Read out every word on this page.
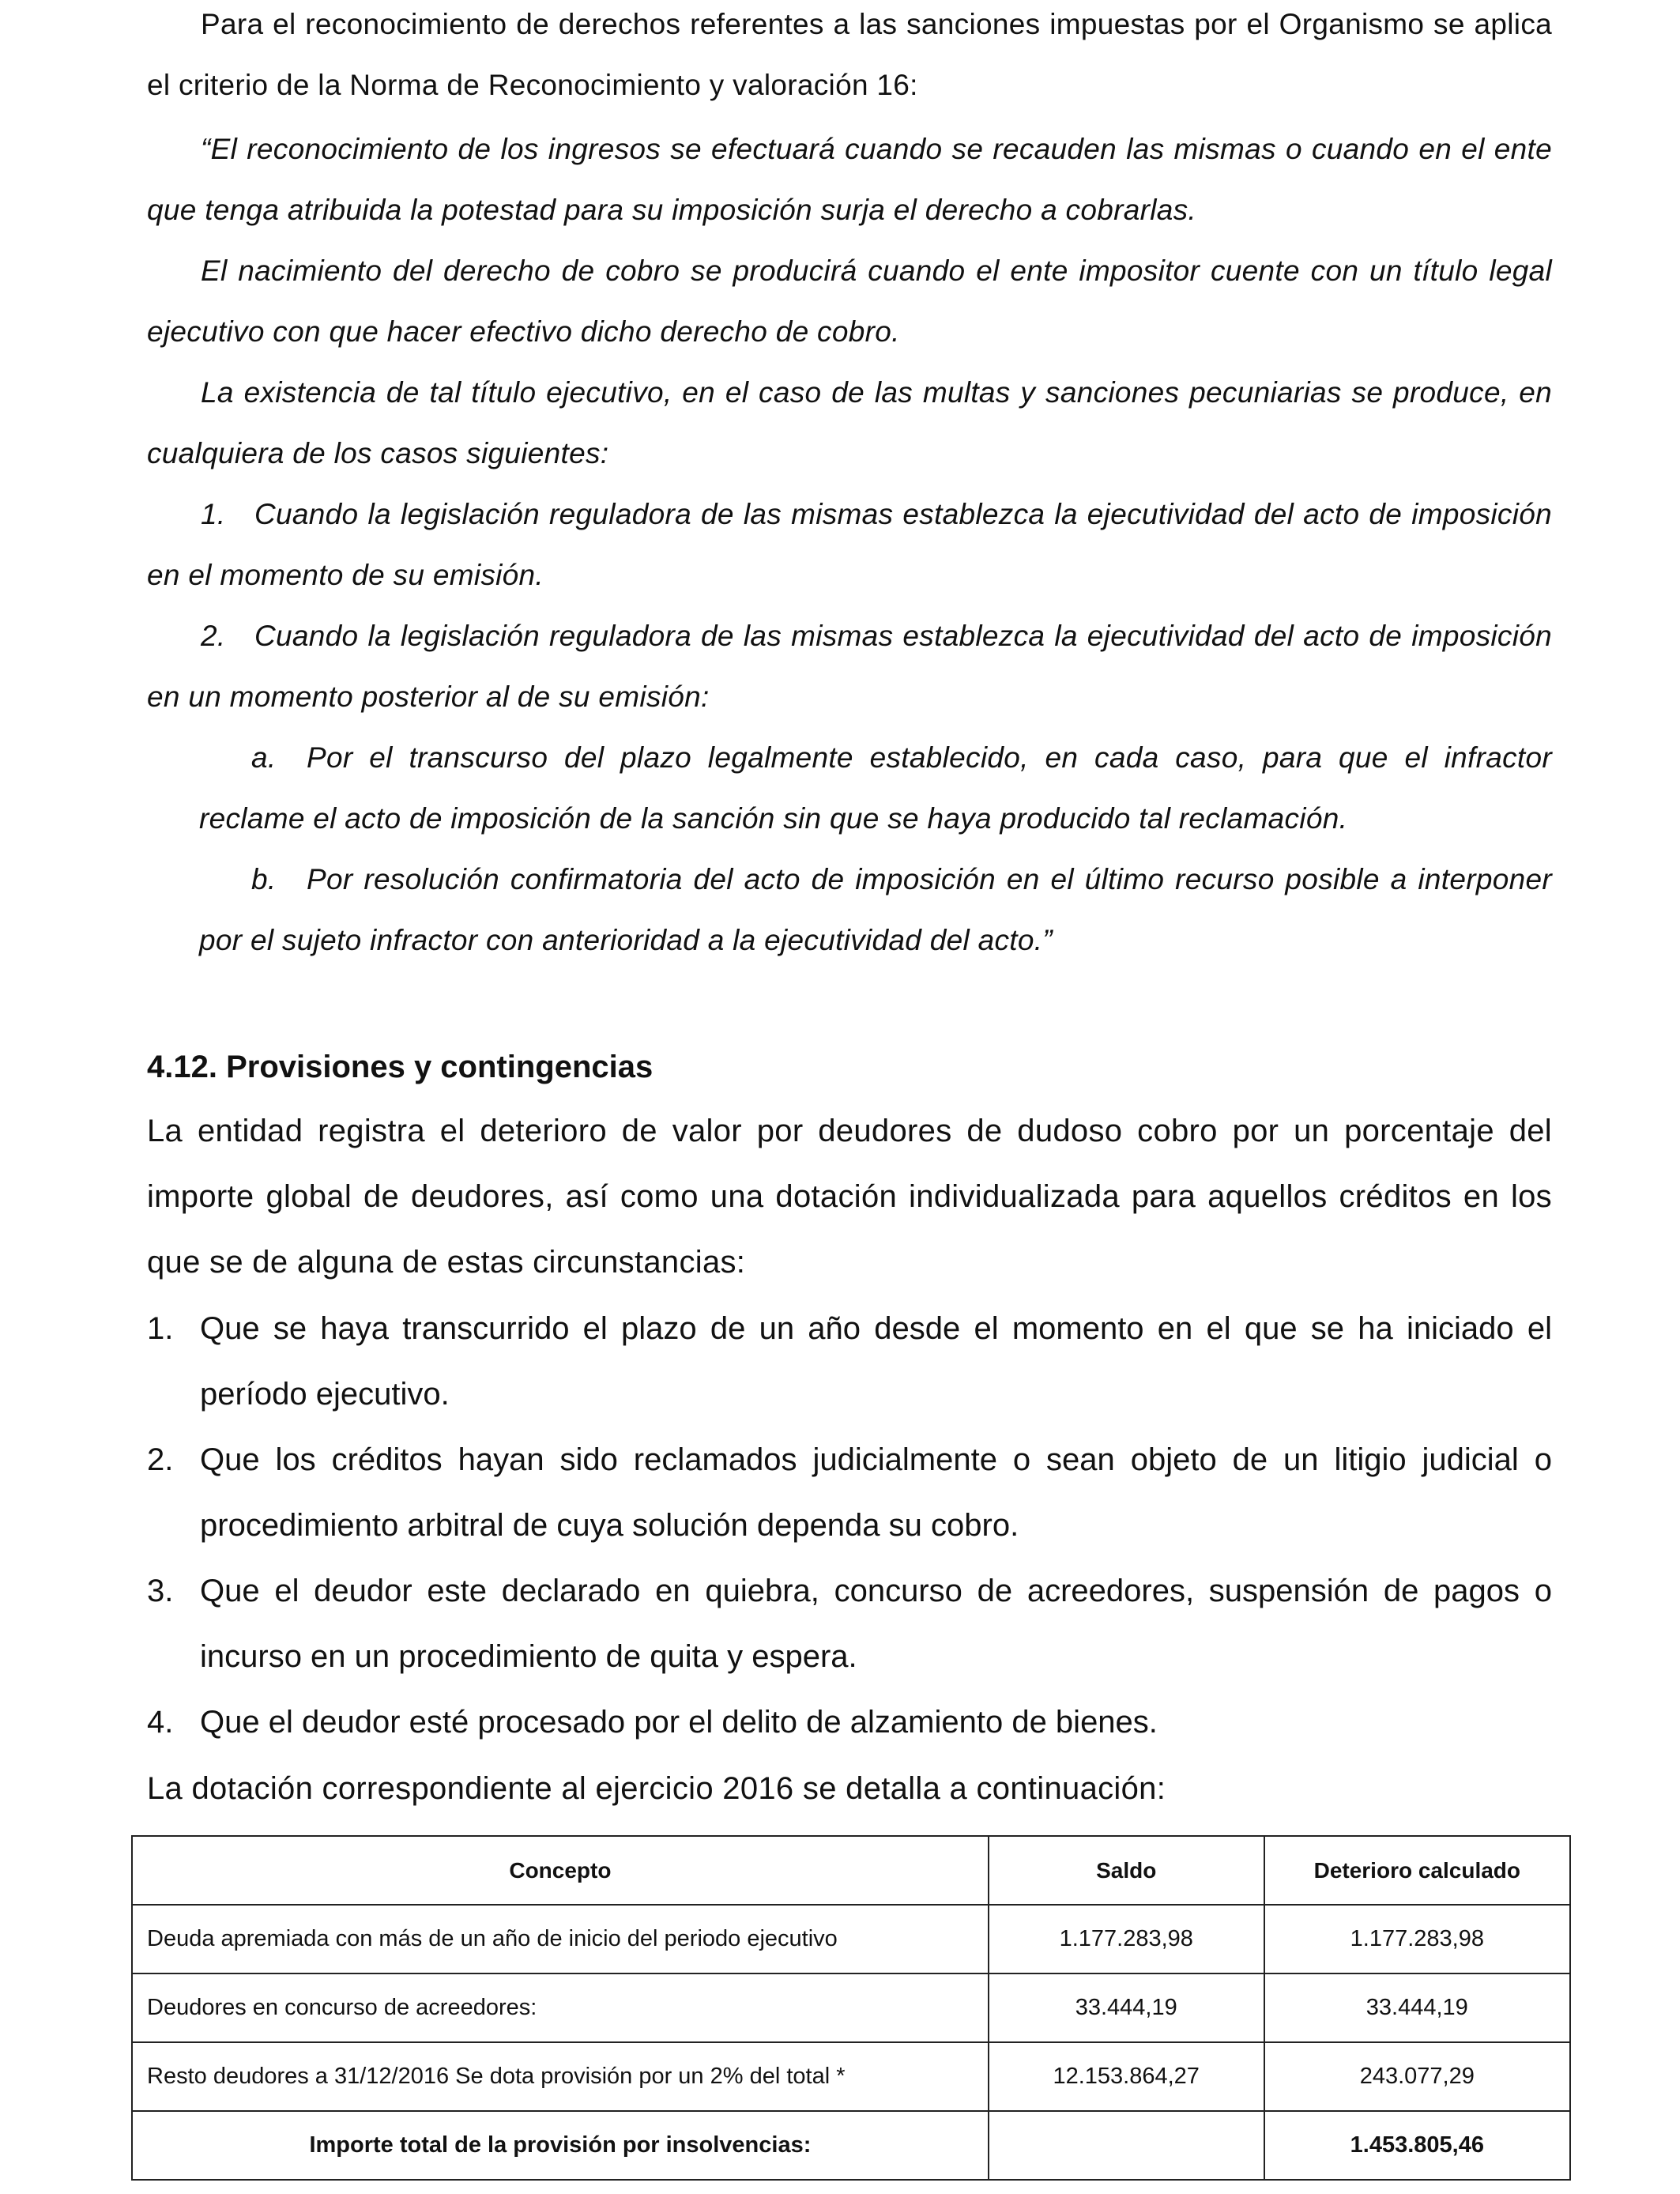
Para el reconocimiento de derechos referentes a las sanciones impuestas por el Organismo se aplica el criterio de la Norma de Reconocimiento y valoración 16:

“El reconocimiento de los ingresos se efectuará cuando se recauden las mismas o cuando en el ente que tenga atribuida la potestad para su imposición surja el derecho a cobrarlas.

El nacimiento del derecho de cobro se producirá cuando el ente impositor cuente con un título legal ejecutivo con que hacer efectivo dicho derecho de cobro.

La existencia de tal título ejecutivo, en el caso de las multas y sanciones pecuniarias se produce, en cualquiera de los casos siguientes:

1. Cuando la legislación reguladora de las mismas establezca la ejecutividad del acto de imposición en el momento de su emisión.

2. Cuando la legislación reguladora de las mismas establezca la ejecutividad del acto de imposición en un momento posterior al de su emisión:

a. Por el transcurso del plazo legalmente establecido, en cada caso, para que el infractor reclame el acto de imposición de la sanción sin que se haya producido tal reclamación.

b. Por resolución confirmatoria del acto de imposición en el último recurso posible a interponer por el sujeto infractor con anterioridad a la ejecutividad del acto.”

4.12. Provisiones y contingencias

La entidad registra el deterioro de valor por deudores de dudoso cobro por un porcentaje del importe global de deudores, así como una dotación individualizada para aquellos créditos en los que se de alguna de estas circunstancias:

1. Que se haya transcurrido el plazo de un año desde el momento en el que se ha iniciado el período ejecutivo.
2. Que los créditos hayan sido reclamados judicialmente o sean objeto de un litigio judicial o procedimiento arbitral de cuya solución dependa su cobro.
3. Que el deudor este declarado en quiebra, concurso de acreedores, suspensión de pagos o incurso en un procedimiento de quita y espera.
4. Que el deudor esté procesado por el delito de alzamiento de bienes.

La dotación correspondiente al ejercicio 2016 se detalla a continuación:

Concepto	Saldo	Deterioro calculado
Deuda apremiada con más de un año de inicio del periodo ejecutivo	1.177.283,98	1.177.283,98
Deudores en concurso de acreedores:	33.444,19	33.444,19
Resto deudores a 31/12/2016 Se dota provisión por un 2% del total *	12.153.864,27	243.077,29
Importe total de la provisión por insolvencias:		1.453.805,46
